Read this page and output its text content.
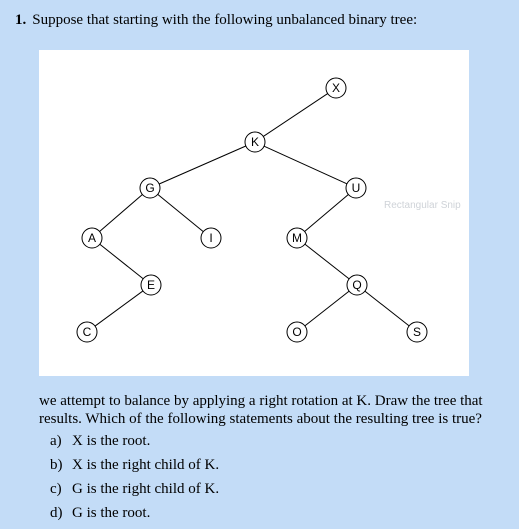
1. Suppose that starting with the following unbalanced binary tree:
X
K
G	U
A	I	M
E	Q
C	O	S
Rectangular Snip
we attempt to balance by applying a right rotation at K. Draw the tree that
results. Which of the following statements about the resulting tree is true?
a) X is the root.
b) X is the right child of K.
c) G is the right child of K.
d) G is the root.
